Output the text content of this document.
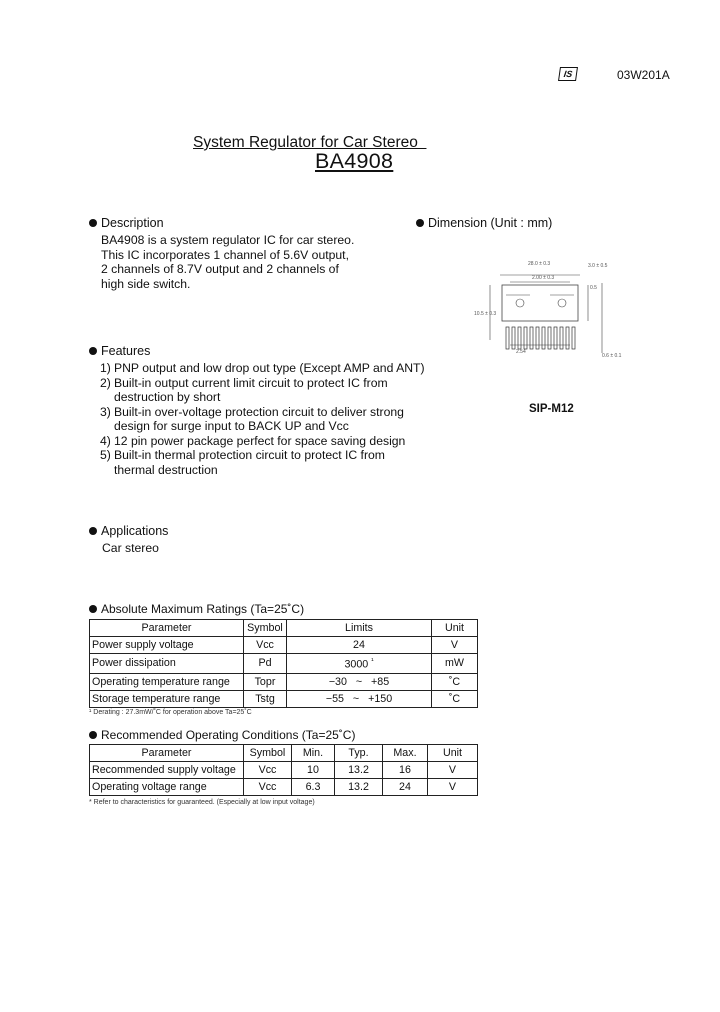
IS	03W201A
System Regulator for Car Stereo
BA4908
Description
BA4908 is a system regulator IC for car stereo.
This IC incorporates 1 channel of 5.6V output,
2 channels of 8.7V output and 2 channels of
high side switch.
Dimension (Unit : mm)
28.0 ± 0.3
2.00 ± 0.3
3.0 ± 0.5
10.5 ± 0.3
0.5
2.54
0.6 ± 0.1
SIP-M12
Features
1) PNP output and low drop out type (Except AMP and ANT)
2) Built-in output current limit circuit to protect IC from
destruction by short
3) Built-in over-voltage protection circuit to deliver strong
design for surge input to BACK UP and Vcc
4) 12 pin power package perfect for space saving design
5) Built-in thermal protection circuit to protect IC from
thermal destruction
Applications
Car stereo
Absolute Maximum Ratings (Ta=25˚C)
Parameter	Symbol	Limits	Unit
Power supply voltage	Vcc	24	V
Power dissipation	Pd	3000 $^{^1}$	mW
Operating temperature range	Topr	−30 ~ +85	˚C
Storage temperature range	Tstg	−55 ~ +150	˚C
¹ Derating : 27.3mW/˚C for operation above Ta=25˚C
Recommended Operating Conditions (Ta=25˚C)
Parameter	Symbol	Min.	Typ.	Max.	Unit
Recommended supply voltage	Vcc	10	13.2	16	V
Operating voltage range	Vcc	6.3	13.2	24	V
* Refer to characteristics for guaranteed. (Especially at low input voltage)
